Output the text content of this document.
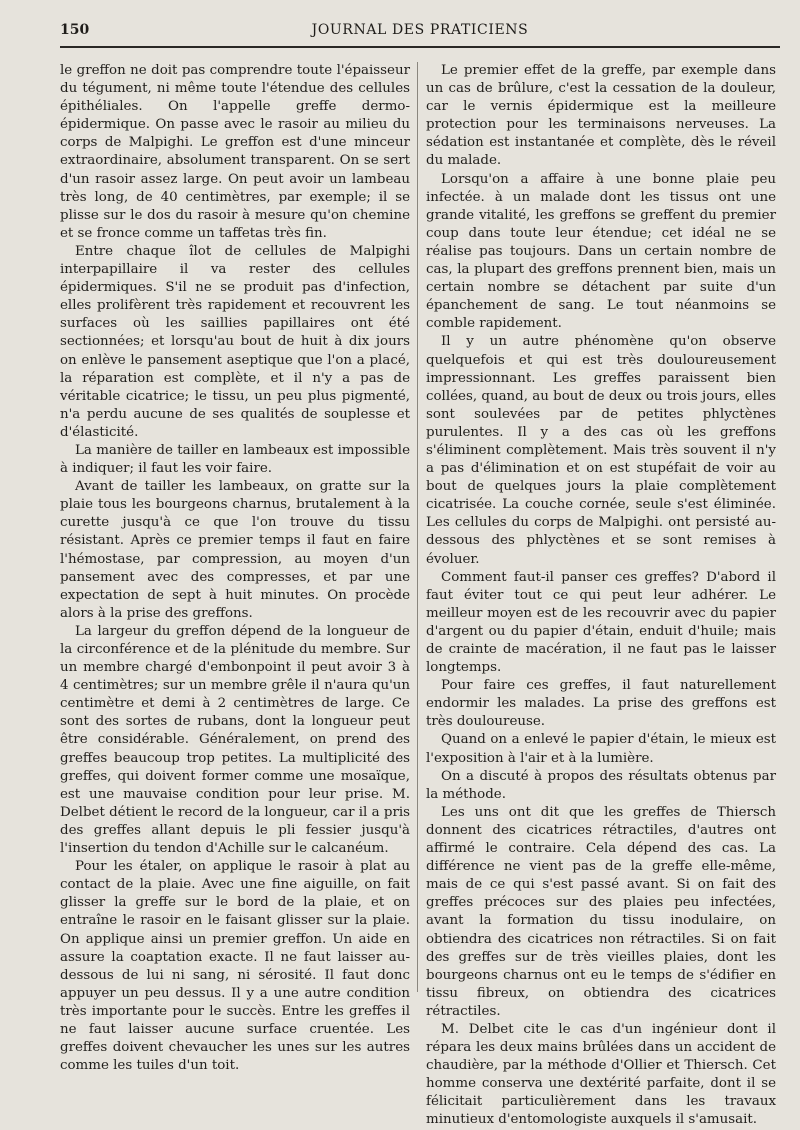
150	JOURNAL DES PRATICIENS

le greffon ne doit pas comprendre toute l'épaisseur du tégument, ni même toute l'étendue des cellules épithéliales. On l'appelle greffe dermo-épidermique. On passe avec le rasoir au milieu du corps de Malpighi. Le greffon est d'une minceur extraordinaire, absolument transparent. On se sert d'un rasoir assez large. On peut avoir un lambeau très long, de 40 centimètres, par exemple; il se plisse sur le dos du rasoir à mesure qu'on chemine et se fronce comme un taffetas très fin.

Entre chaque îlot de cellules de Malpighi interpapillaire il va rester des cellules épidermiques. S'il ne se produit pas d'infection, elles prolifèrent très rapidement et recouvrent les surfaces où les saillies papillaires ont été sectionnées; et lorsqu'au bout de huit à dix jours on enlève le pansement aseptique que l'on a placé, la réparation est complète, et il n'y a pas de véritable cicatrice; le tissu, un peu plus pigmenté, n'a perdu aucune de ses qualités de souplesse et d'élasticité.

La manière de tailler en lambeaux est impossible à indiquer; il faut les voir faire.

Avant de tailler les lambeaux, on gratte sur la plaie tous les bourgeons charnus, brutalement à la curette jusqu'à ce que l'on trouve du tissu résistant. Après ce premier temps il faut en faire l'hémostase, par compression, au moyen d'un pansement avec des compresses, et par une expectation de sept à huit minutes. On procède alors à la prise des greffons.

La largeur du greffon dépend de la longueur de la circonférence et de la plénitude du membre. Sur un membre chargé d'embonpoint il peut avoir 3 à 4 centimètres; sur un membre grêle il n'aura qu'un centimètre et demi à 2 centimètres de large. Ce sont des sortes de rubans, dont la longueur peut être considérable. Généralement, on prend des greffes beaucoup trop petites. La multiplicité des greffes, qui doivent former comme une mosaïque, est une mauvaise condition pour leur prise. M. Delbet détient le record de la longueur, car il a pris des greffes allant depuis le pli fessier jusqu'à l'insertion du tendon d'Achille sur le calcanéum.

Pour les étaler, on applique le rasoir à plat au contact de la plaie. Avec une fine aiguille, on fait glisser la greffe sur le bord de la plaie, et on entraîne le rasoir en le faisant glisser sur la plaie. On applique ainsi un premier greffon. Un aide en assure la coaptation exacte. Il ne faut laisser au-dessous de lui ni sang, ni sérosité. Il faut donc appuyer un peu dessus. Il y a une autre condition très importante pour le succès. Entre les greffes il ne faut laisser aucune surface cruentée. Les greffes doivent chevaucher les unes sur les autres comme les tuiles d'un toit.

Le premier effet de la greffe, par exemple dans un cas de brûlure, c'est la cessation de la douleur, car le vernis épidermique est la meilleure protection pour les terminaisons nerveuses. La sédation est instantanée et complète, dès le réveil du malade.

Lorsqu'on a affaire à une bonne plaie peu infectée. à un malade dont les tissus ont une grande vitalité, les greffons se greffent du premier coup dans toute leur étendue; cet idéal ne se réalise pas toujours. Dans un certain nombre de cas, la plupart des greffons prennent bien, mais un certain nombre se détachent par suite d'un épanchement de sang. Le tout néanmoins se comble rapidement.

Il y un autre phénomène qu'on observe quelquefois et qui est très douloureusement impressionnant. Les greffes paraissent bien collées, quand, au bout de deux ou trois jours, elles sont soulevées par de petites phlyctènes purulentes. Il y a des cas où les greffons s'éliminent complètement. Mais très souvent il n'y a pas d'élimination et on est stupéfait de voir au bout de quelques jours la plaie complètement cicatrisée. La couche cornée, seule s'est éliminée. Les cellules du corps de Malpighi. ont persisté au-dessous des phlyctènes et se sont remises à évoluer.

Comment faut-il panser ces greffes? D'abord il faut éviter tout ce qui peut leur adhérer. Le meilleur moyen est de les recouvrir avec du papier d'argent ou du papier d'étain, enduit d'huile; mais de crainte de macération, il ne faut pas le laisser longtemps.

Pour faire ces greffes, il faut naturellement endormir les malades. La prise des greffons est très douloureuse.

Quand on a enlevé le papier d'étain, le mieux est l'exposition à l'air et à la lumière.

On a discuté à propos des résultats obtenus par la méthode.

Les uns ont dit que les greffes de Thiersch donnent des cicatrices rétractiles, d'autres ont affirmé le contraire. Cela dépend des cas. La différence ne vient pas de la greffe elle-même, mais de ce qui s'est passé avant. Si on fait des greffes précoces sur des plaies peu infectées, avant la formation du tissu inodulaire, on obtiendra des cicatrices non rétractiles. Si on fait des greffes sur de très vieilles plaies, dont les bourgeons charnus ont eu le temps de s'édifier en tissu fibreux, on obtiendra des cicatrices rétractiles.

M. Delbet cite le cas d'un ingénieur dont il répara les deux mains brûlées dans un accident de chaudière, par la méthode d'Ollier et Thiersch. Cet homme conserva une dextérité parfaite, dont il se félicitait particulièrement dans les travaux minutieux d'entomologiste auxquels il s'amusait.
